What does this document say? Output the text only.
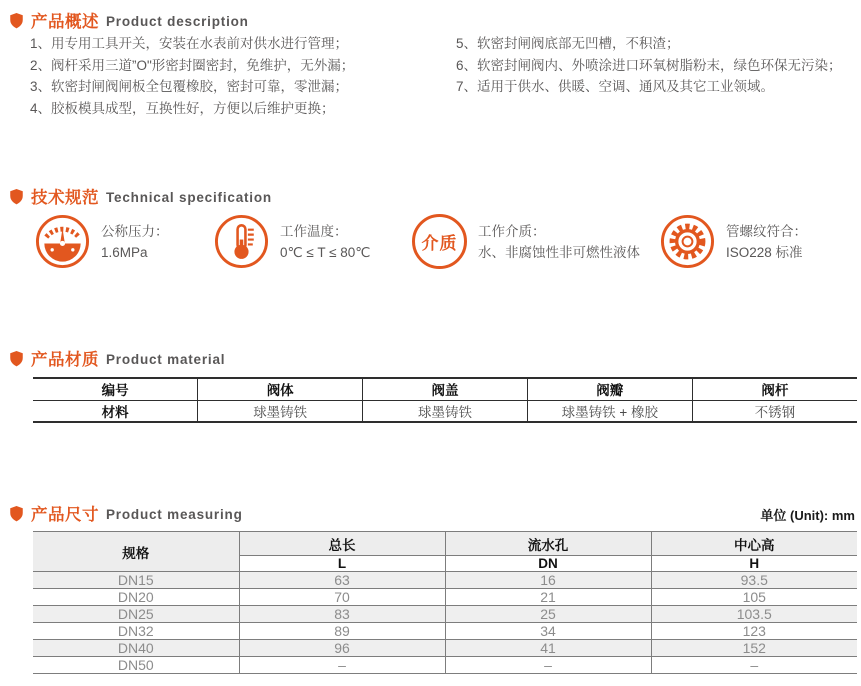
产品概述 Product description
1、用专用工具开关，安装在水表前对供水进行管理；
2、阀杆采用三道”O"形密封圈密封，免维护，无外漏；
3、软密封闸阀闸板全包覆橡胶，密封可靠，零泄漏；
4、胶板模具成型，互换性好，方便以后维护更换；
5、软密封闸阀底部无凹槽，不积渣；
6、软密封闸阀内、外喷涂进口环氧树脂粉末，绿色环保无污染；
7、适用于供水、供暖、空调、通风及其它工业领域。
技术规范 Technical specification
公称压力：
1.6MPa
工作温度：
0℃ ≤ T ≤ 80℃	介质
工作介质：
水、非腐蚀性非可燃性液体
管螺纹符合：
ISO228 标准
产品材质 Product material
编号	阀体	阀盖	阀瓣	阀杆
材料	球墨铸铁	球墨铸铁	球墨铸铁 + 橡胶	不锈钢
产品尺寸 Product measuring	单位 (Unit): mm
规格	总长	流水孔	中心高
	L	DN	H
DN15	63	16	93.5
DN20	70	21	105
DN25	83	25	103.5
DN32	89	34	123
DN40	96	41	152
DN50	–	–	–
